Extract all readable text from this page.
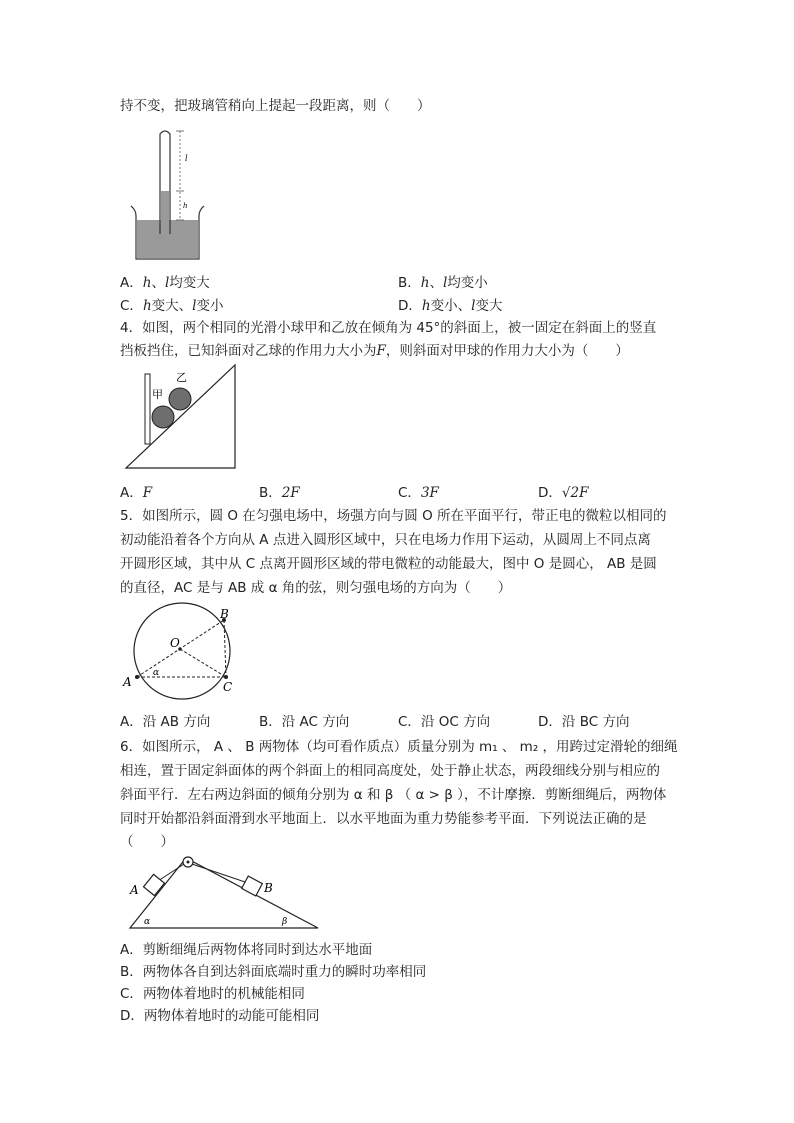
持不变，把玻璃管稍向上提起一段距离，则（　　）
l
h
A．h、l均变大	B．h、l均变小
C．h变大、l变小	D．h变小、l变大
4．如图，两个相同的光滑小球甲和乙放在倾角为 45°的斜面上，被一固定在斜面上的竖直
挡板挡住，已知斜面对乙球的作用力大小为F，则斜面对甲球的作用力大小为（　　）
甲
乙
A．F	B．2F	C．3F	D．√2F
5．如图所示，圆 O 在匀强电场中，场强方向与圆 O 所在平面平行，带正电的微粒以相同的
初动能沿着各个方向从 A 点进入圆形区域中，只在电场力作用下运动，从圆周上不同点离
开圆形区域，其中从 C 点离开圆形区域的带电微粒的动能最大，图中 O 是圆心， AB 是圆
的直径，AC 是与 AB 成 α 角的弦，则匀强电场的方向为（　　）
A
B
C
O
α
A．沿 AB 方向	B．沿 AC 方向	C．沿 OC 方向	D．沿 BC 方向
6．如图所示， A 、 B 两物体（均可看作质点）质量分别为 m₁ 、 m₂ ，用跨过定滑轮的细绳
相连，置于固定斜面体的两个斜面上的相同高度处，处于静止状态，两段细线分别与相应的
斜面平行．左右两边斜面的倾角分别为 α 和 β （ α > β ），不计摩擦．剪断细绳后，两物体
同时开始都沿斜面滑到水平地面上．以水平地面为重力势能参考平面．下列说法正确的是
（　　）
A	B
α	β
A．剪断细绳后两物体将同时到达水平地面
B．两物体各自到达斜面底端时重力的瞬时功率相同
C．两物体着地时的机械能相同
D．两物体着地时的动能可能相同
